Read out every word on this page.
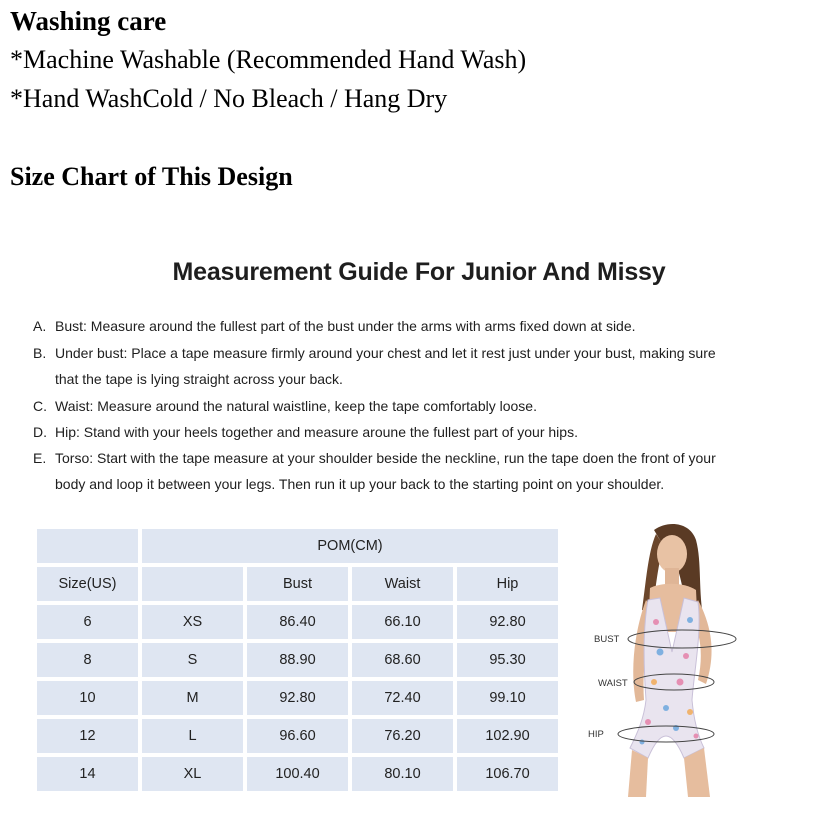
Washing care

*Machine Washable (Recommended Hand Wash)

*Hand WashCold / No Bleach / Hang Dry

Size Chart of This Design
Measurement Guide For Junior And Missy

A. Bust: Measure around the fullest part of the bust under the arms with arms fixed down at side.

B. Under bust: Place a tape measure firmly around your chest and let it rest just under your bust, making sure

that the tape is lying straight across your back.

C. Waist: Measure around the natural waistline, keep the tape comfortably loose.

D. Hip: Stand with your heels together and measure aroune the fullest part of your hips.

E. Torso: Start with the tape measure at your shoulder beside the neckline, run the tape doen the front of your

body and loop it between your legs. Then run it up your back to the starting point on your shoulder.

	POM(CM)			
Size(US)		Bust	Waist	Hip
6	XS	86.40	66.10	92.80
8	S	88.90	68.60	95.30
10	M	92.80	72.40	99.10
12	L	96.60	76.20	102.90
14	XL	100.40	80.10	106.70
BUST
WAIST
HIP
